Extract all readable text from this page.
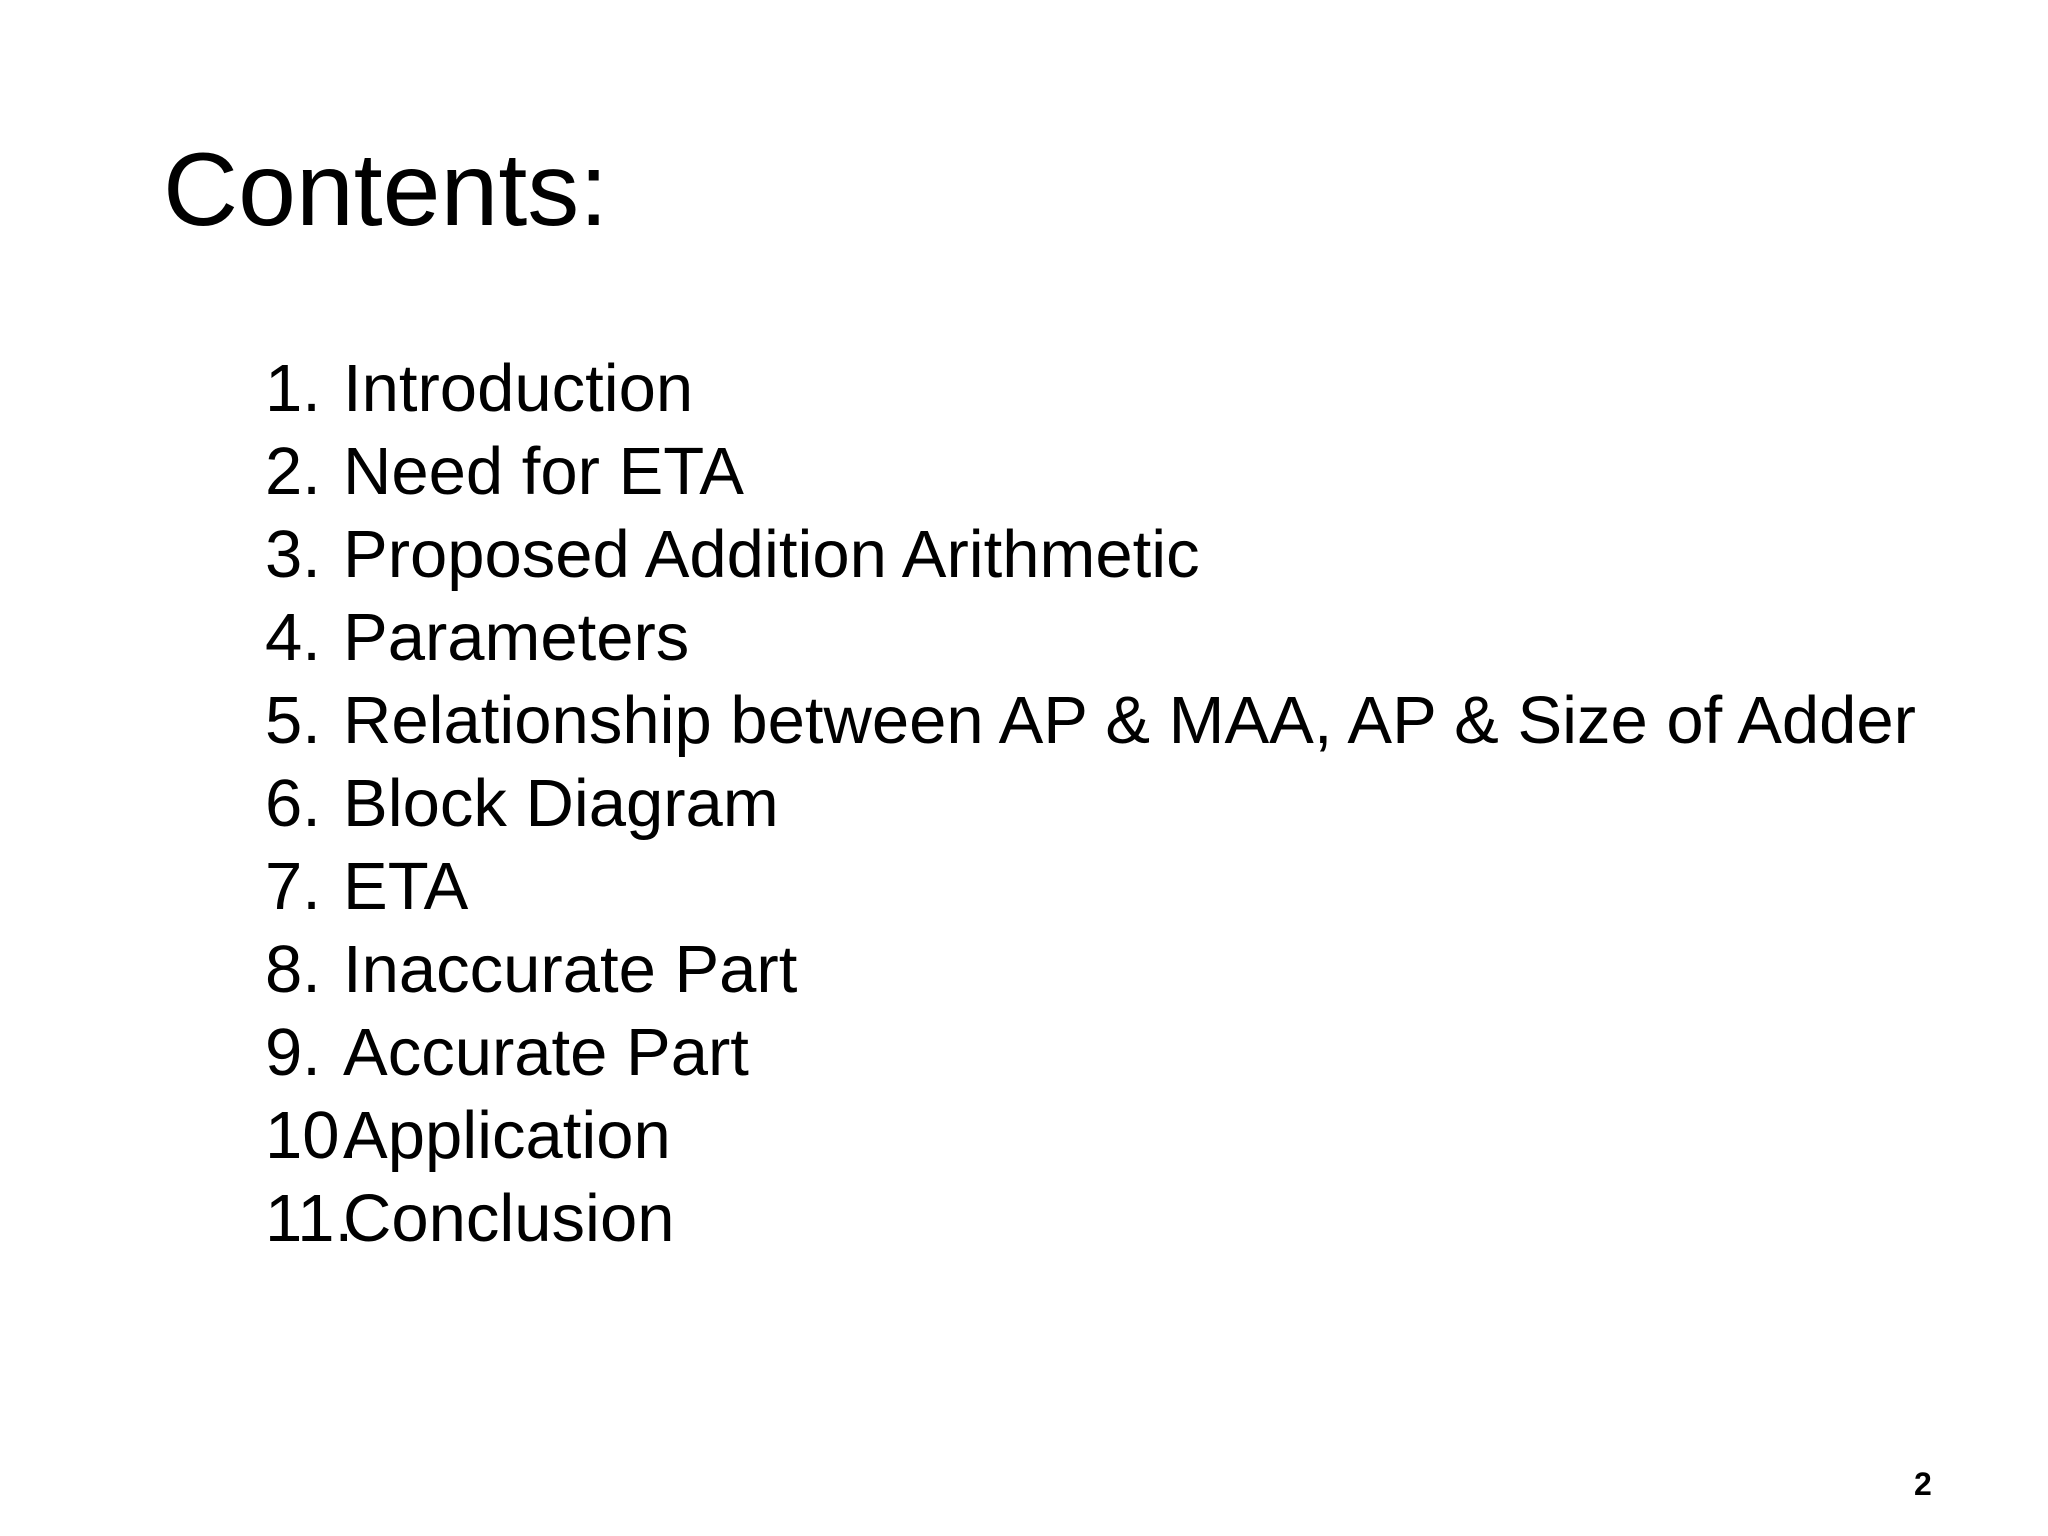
Contents:
1. Introduction
2. Need for ETA
3. Proposed Addition Arithmetic
4. Parameters
5. Relationship between AP & MAA, AP & Size of Adder
6. Block Diagram
7. ETA
8. Inaccurate Part
9. Accurate Part
10.
Application
11.
Conclusion
2
